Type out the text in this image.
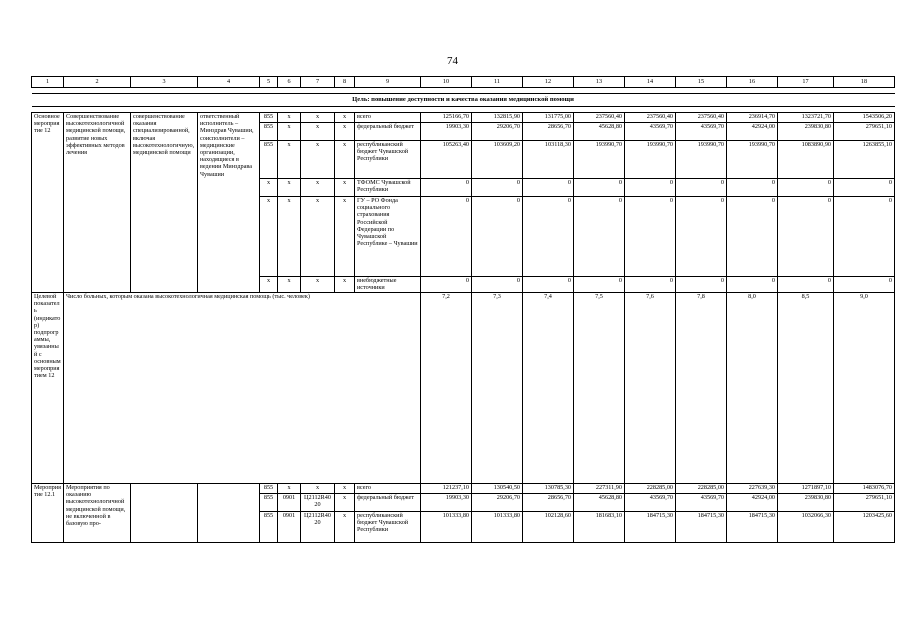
74
1	2	3	4	5	6	7	8	9	10	11	12	13	14	15	16	17	18

Цель: повышение доступности и качества оказания медицинской помощи																	

Основное мероприятие 12	Совершенствование высокотехнологичной медицинской помощи, развитие новых эффективных методов лечения	совершенствование оказания специализированной, включая высокотехнологичную, медицинской помощи	ответственный исполнитель – Минздрав Чувашии, соисполнители – медицинские организации, находящиеся в ведении Минздрава Чувашии	855	x	x	x	всего	125166,70	132815,90	131775,00	237560,40	237560,40	237560,40	236914,70	1323721,70	1543506,20
				855	x	x	x	федеральный бюджет	19903,30	29206,70	28656,70	45628,80	43569,70	43569,70	42924,00	239830,80	279651,10
				855	x	x	x	республиканский бюджет Чувашской Республики	105263,40	103609,20	103118,30	193990,70	193990,70	193990,70	193990,70	1083890,90	1263855,10
				x	x	x	x	ТФОМС Чувашской Республики	0	0	0	0	0	0	0	0	0
				x	x	x	x	ГУ – РО Фонда социального страхования Российской Федерации по Чувашской Республике – Чувашии	0	0	0	0	0	0	0	0	0
				x	x	x	x	внебюджетные источники	0	0	0	0	0	0	0	0	0
Целевой показатель (индикатор) подпрограммы, увязанный с основным мероприятием 12	Число больных, которым оказана высокотехнологичная медицинская помощь (тыс. человек)								7,2	7,3	7,4	7,5	7,6	7,8	8,0	8,5	9,0
Мероприятие 12.1	Мероприятия по оказанию высокотехнологичной медицинской помощи, не включенной в базовую про-			855	x	x	x	всего	121237,10	130540,50	130785,30	227311,90	228285,00	228285,00	227639,30	1271897,10	1483076,70
				855	0901	Ц2112R4020	x	федеральный бюджет	19903,30	29206,70	28656,70	45628,80	43569,70	43569,70	42924,00	239830,80	279651,10
				855	0901	Ц2112R4020	x	республиканский бюджет Чувашской Республики	101333,80	101333,80	102128,60	181683,10	184715,30	184715,30	184715,30	1032066,30	1203425,60
